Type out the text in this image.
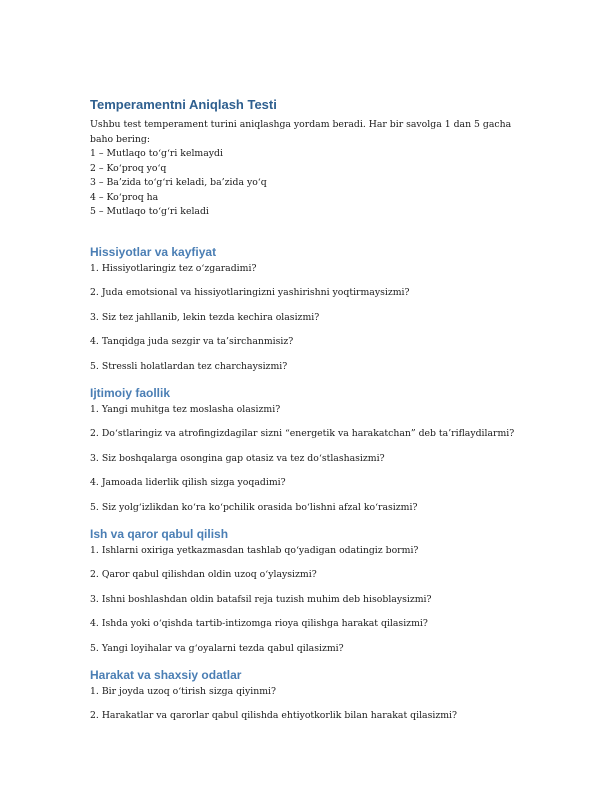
Temperamentni Aniqlash Testi

Ushbu test temperament turini aniqlashga yordam beradi. Har bir savolga 1 dan 5 gacha baho bering:

1 – Mutlaqo to‘g‘ri kelmaydi
2 – Ko‘proq yo‘q
3 – Ba’zida to‘g‘ri keladi, ba’zida yo‘q
4 – Ko‘proq ha
5 – Mutlaqo to‘g‘ri keladi
Hissiyotlar va kayfiyat
1. Hissiyotlaringiz tez o‘zgaradimi?
2. Juda emotsional va hissiyotlaringizni yashirishni yoqtirmaysizmi?
3. Siz tez jahllanib, lekin tezda kechira olasizmi?
4. Tanqidga juda sezgir va ta’sirchanmisiz?
5. Stressli holatlardan tez charchaysizmi?
Ijtimoiy faollik
1. Yangi muhitga tez moslasha olasizmi?
2. Do‘stlaringiz va atrofingizdagilar sizni “energetik va harakatchan” deb ta’riflaydilarmi?
3. Siz boshqalarga osongina gap otasiz va tez do‘stlashasizmi?
4. Jamoada liderlik qilish sizga yoqadimi?
5. Siz yolg‘izlikdan ko‘ra ko‘pchilik orasida bo‘lishni afzal ko‘rasizmi?
Ish va qaror qabul qilish
1. Ishlarni oxiriga yetkazmasdan tashlab qo‘yadigan odatingiz bormi?
2. Qaror qabul qilishdan oldin uzoq o‘ylaysizmi?
3. Ishni boshlashdan oldin batafsil reja tuzish muhim deb hisoblaysizmi?
4. Ishda yoki o‘qishda tartib-intizomga rioya qilishga harakat qilasizmi?
5. Yangi loyihalar va g‘oyalarni tezda qabul qilasizmi?
Harakat va shaxsiy odatlar
1. Bir joyda uzoq o‘tirish sizga qiyinmi?
2. Harakatlar va qarorlar qabul qilishda ehtiyotkorlik bilan harakat qilasizmi?
